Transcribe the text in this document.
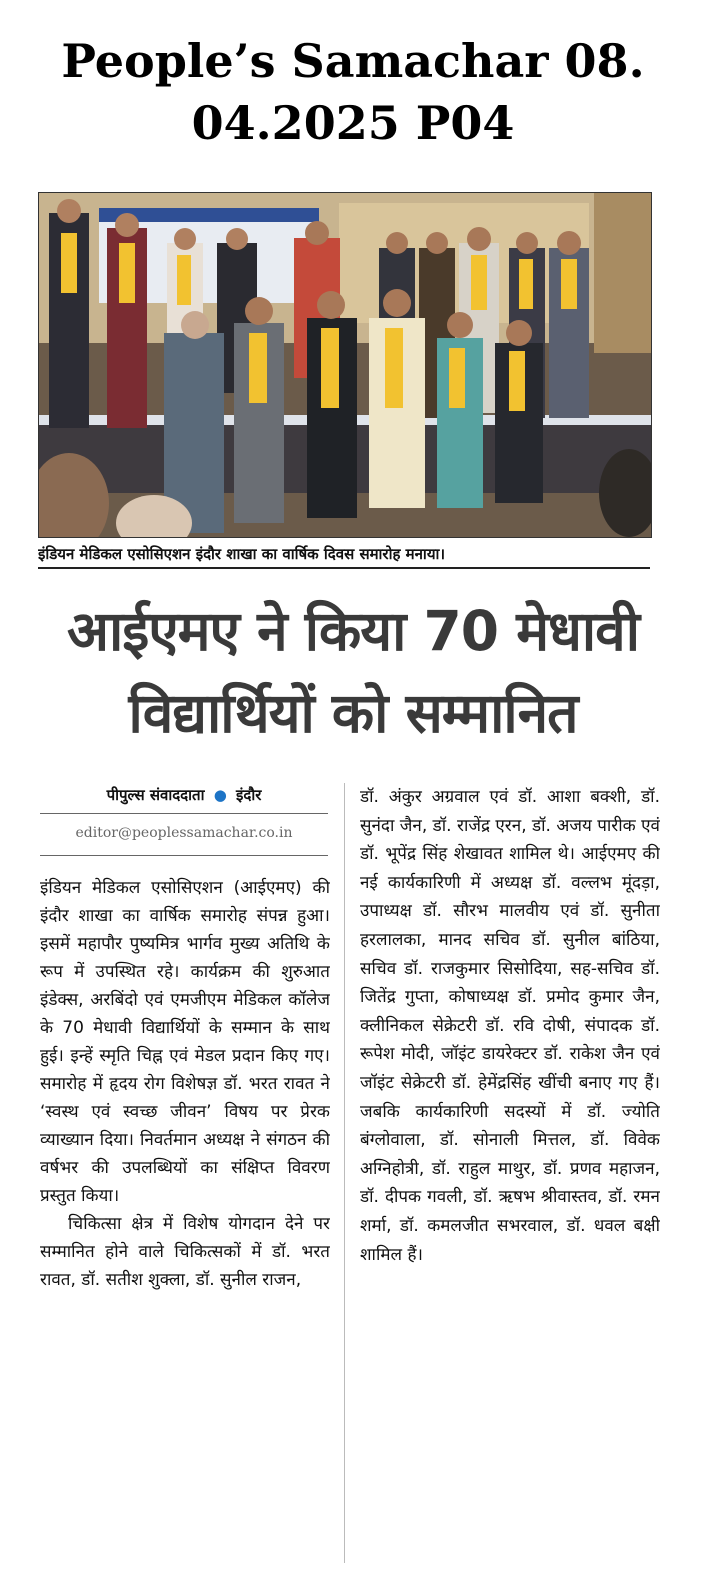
People’s Samachar 08. 04.2025 P04
इंडियन मेडिकल एसोसिएशन इंदौर शाखा का वार्षिक दिवस समारोह मनाया।
आईएमए ने किया 70 मेधावी
विद्यार्थियों को सम्मानित
पीपुल्स संवाददाता ● इंदौर
editor@peoplessamachar.co.in

इंडियन मेडिकल एसोसिएशन (आईएमए) की इंदौर शाखा का वार्षिक समारोह संपन्न हुआ। इसमें महापौर पुष्यमित्र भार्गव मुख्य अतिथि के रूप में उपस्थित रहे। कार्यक्रम की शुरुआत इंडेक्स, अरबिंदो एवं एमजीएम मेडिकल कॉलेज के 70 मेधावी विद्यार्थियों के सम्मान के साथ हुई। इन्हें स्मृति चिह्न एवं मेडल प्रदान किए गए। समारोह में हृदय रोग विशेषज्ञ डॉ. भरत रावत ने ‘स्वस्थ एवं स्वच्छ जीवन’ विषय पर प्रेरक व्याख्यान दिया। निवर्तमान अध्यक्ष ने संगठन की वर्षभर की उपलब्धियों का संक्षिप्त विवरण प्रस्तुत किया।

चिकित्सा क्षेत्र में विशेष योगदान देने पर सम्मानित होने वाले चिकित्सकों में डॉ. भरत रावत, डॉ. सतीश शुक्ला, डॉ. सुनील राजन,

डॉ. अंकुर अग्रवाल एवं डॉ. आशा बक्शी, डॉ. सुनंदा जैन, डॉ. राजेंद्र एरन, डॉ. अजय पारीक एवं डॉ. भूपेंद्र सिंह शेखावत शामिल थे। आईएमए की नई कार्यकारिणी में अध्यक्ष डॉ. वल्लभ मूंदड़ा, उपाध्यक्ष डॉ. सौरभ मालवीय एवं डॉ. सुनीता हरलालका, मानद सचिव डॉ. सुनील बांठिया, सचिव डॉ. राजकुमार सिसोदिया, सह-सचिव डॉ. जितेंद्र गुप्ता, कोषाध्यक्ष डॉ. प्रमोद कुमार जैन, क्लीनिकल सेक्रेटरी डॉ. रवि दोषी, संपादक डॉ. रूपेश मोदी, जॉइंट डायरेक्टर डॉ. राकेश जैन एवं जॉइंट सेक्रेटरी डॉ. हेमेंद्रसिंह खींची बनाए गए हैं। जबकि कार्यकारिणी सदस्यों में डॉ. ज्योति बंग्लोवाला, डॉ. सोनाली मित्तल, डॉ. विवेक अग्निहोत्री, डॉ. राहुल माथुर, डॉ. प्रणव महाजन, डॉ. दीपक गवली, डॉ. ऋषभ श्रीवास्तव, डॉ. रमन शर्मा, डॉ. कमलजीत सभरवाल, डॉ. धवल बक्षी शामिल हैं।
